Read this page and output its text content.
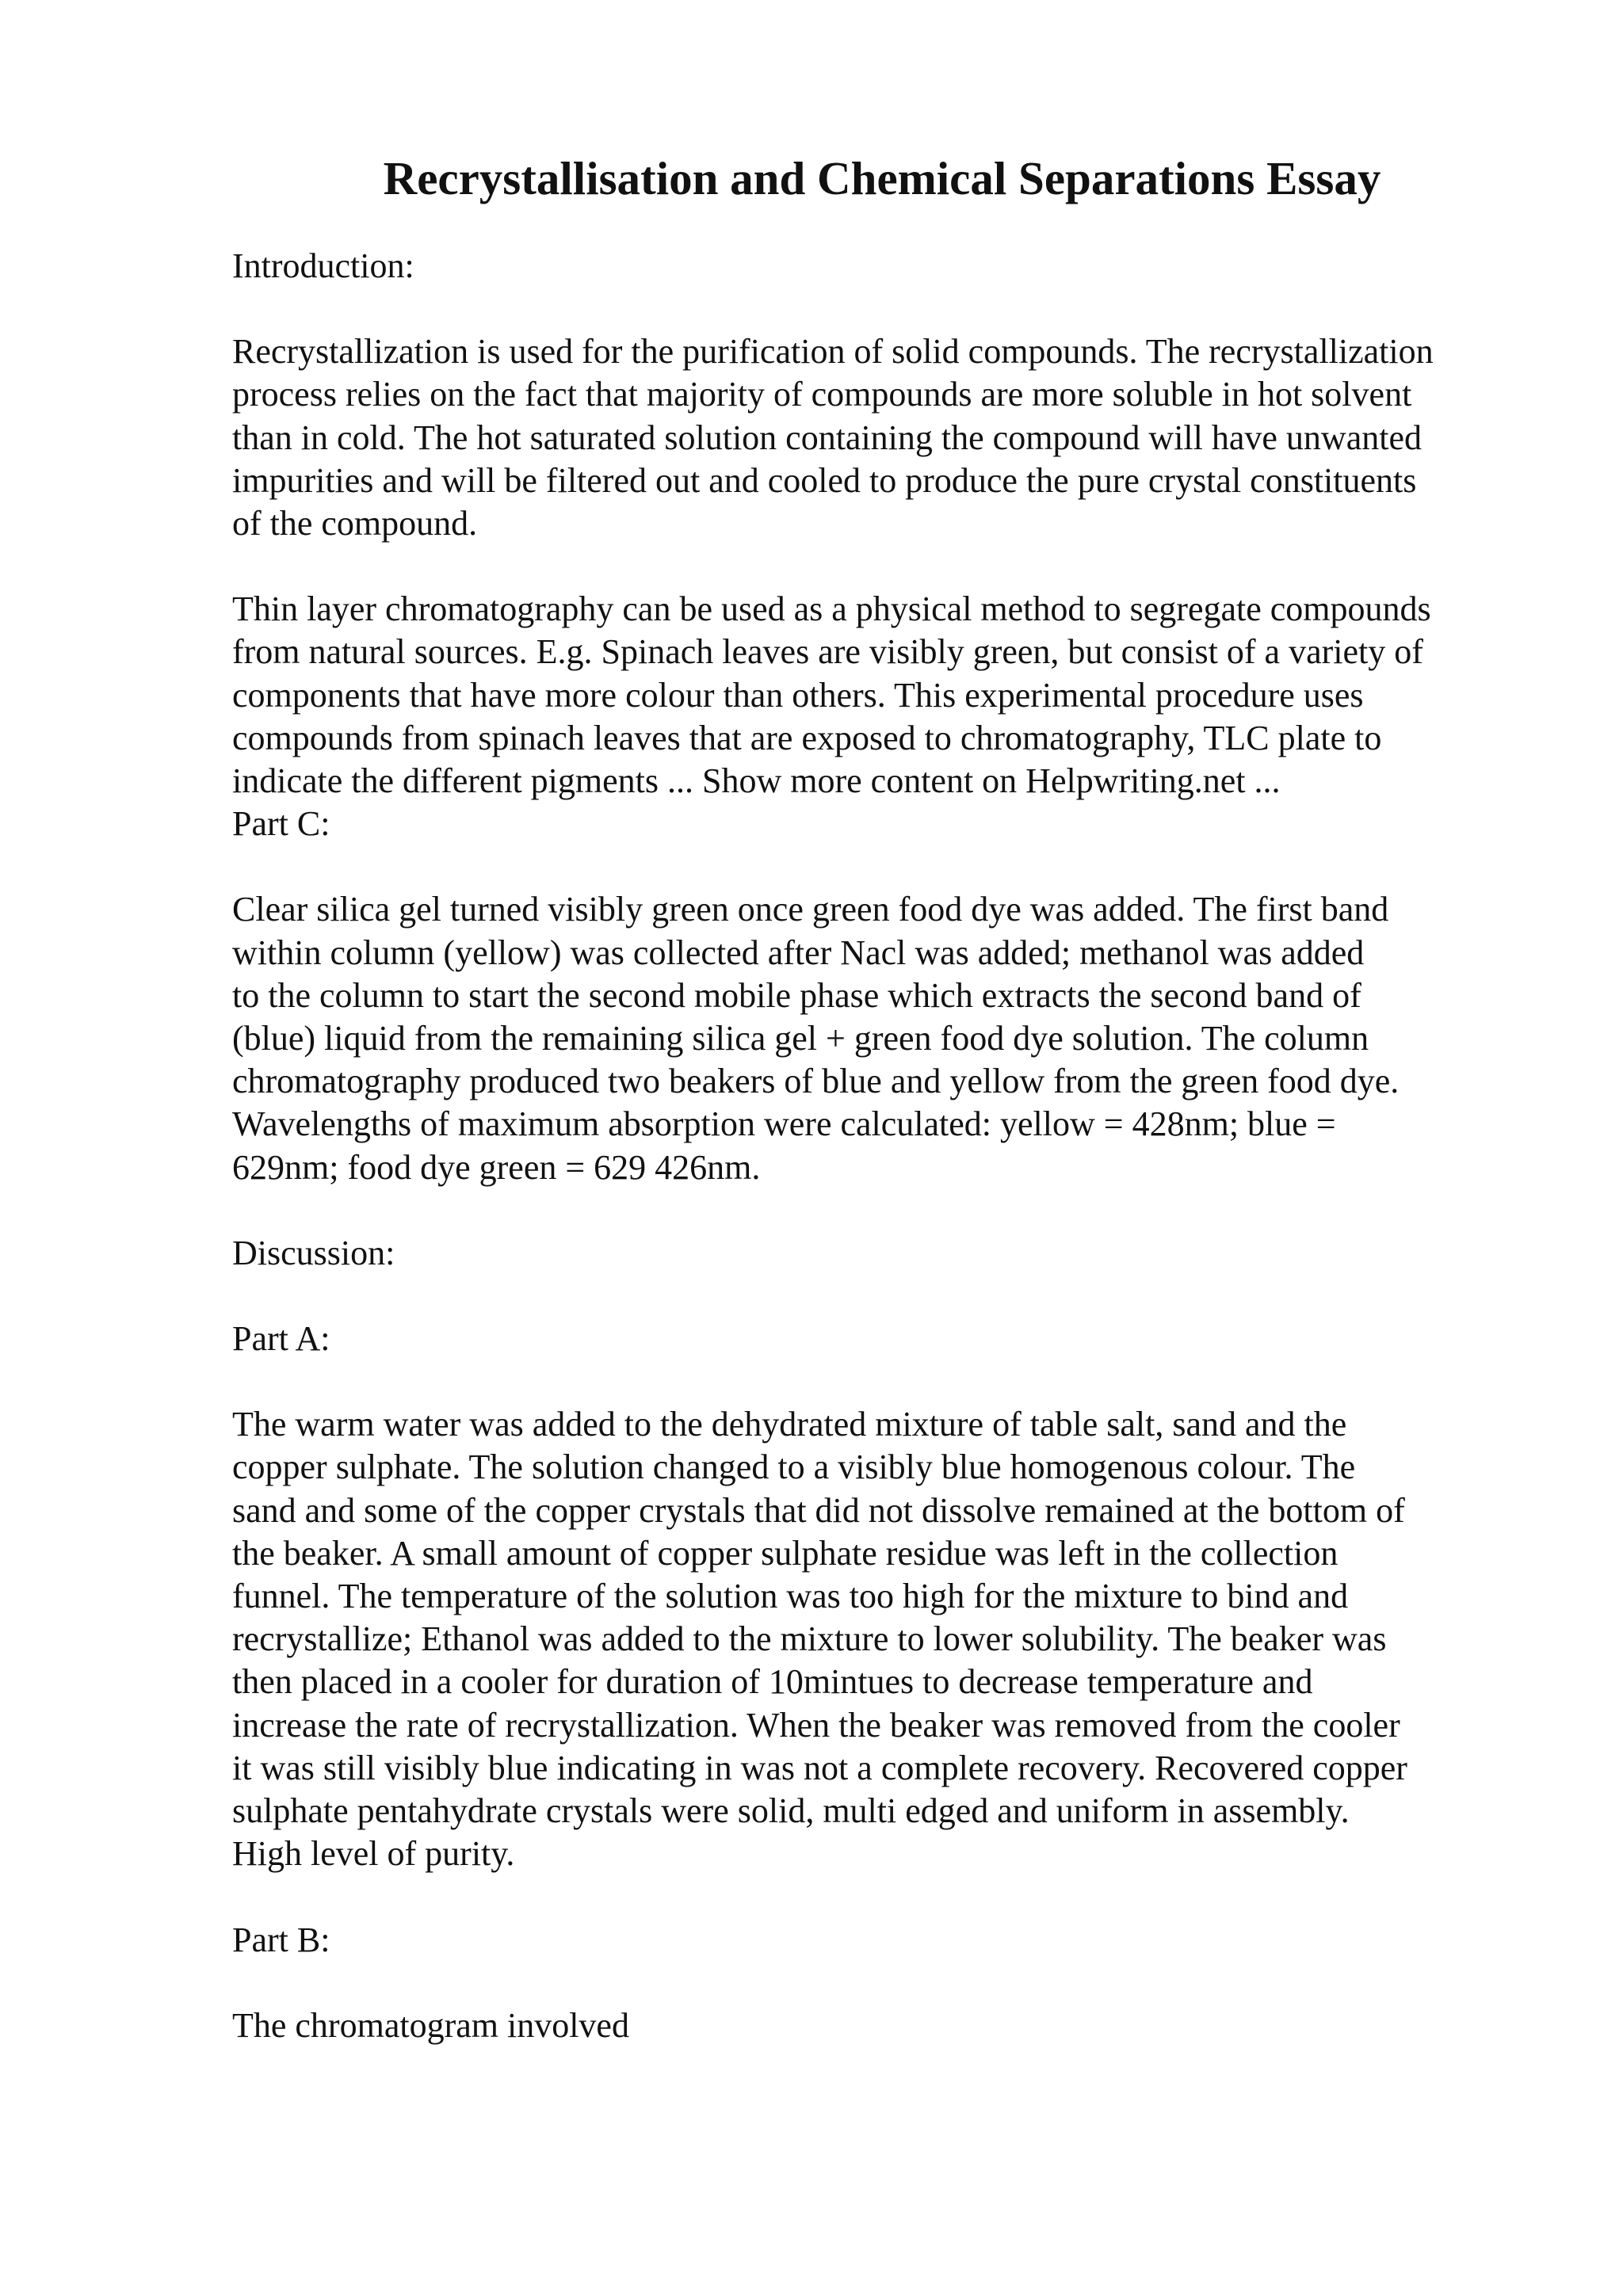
Recrystallisation and Chemical Separations Essay

Introduction:

Recrystallization is used for the purification of solid compounds. The recrystallization
process relies on the fact that majority of compounds are more soluble in hot solvent
than in cold. The hot saturated solution containing the compound will have unwanted
impurities and will be filtered out and cooled to produce the pure crystal constituents
of the compound.

Thin layer chromatography can be used as a physical method to segregate compounds
from natural sources. E.g. Spinach leaves are visibly green, but consist of a variety of
components that have more colour than others. This experimental procedure uses
compounds from spinach leaves that are exposed to chromatography, TLC plate to
indicate the different pigments ... Show more content on Helpwriting.net ...
Part C:

Clear silica gel turned visibly green once green food dye was added. The first band
within column (yellow) was collected after Nacl was added; methanol was added
to the column to start the second mobile phase which extracts the second band of
(blue) liquid from the remaining silica gel + green food dye solution. The column
chromatography produced two beakers of blue and yellow from the green food dye.
Wavelengths of maximum absorption were calculated: yellow = 428nm; blue =
629nm; food dye green = 629 426nm.

Discussion:

Part A:

The warm water was added to the dehydrated mixture of table salt, sand and the
copper sulphate. The solution changed to a visibly blue homogenous colour. The
sand and some of the copper crystals that did not dissolve remained at the bottom of
the beaker. A small amount of copper sulphate residue was left in the collection
funnel. The temperature of the solution was too high for the mixture to bind and
recrystallize; Ethanol was added to the mixture to lower solubility. The beaker was
then placed in a cooler for duration of 10mintues to decrease temperature and
increase the rate of recrystallization. When the beaker was removed from the cooler
it was still visibly blue indicating in was not a complete recovery. Recovered copper
sulphate pentahydrate crystals were solid, multi edged and uniform in assembly.
High level of purity.

Part B:

The chromatogram involved
